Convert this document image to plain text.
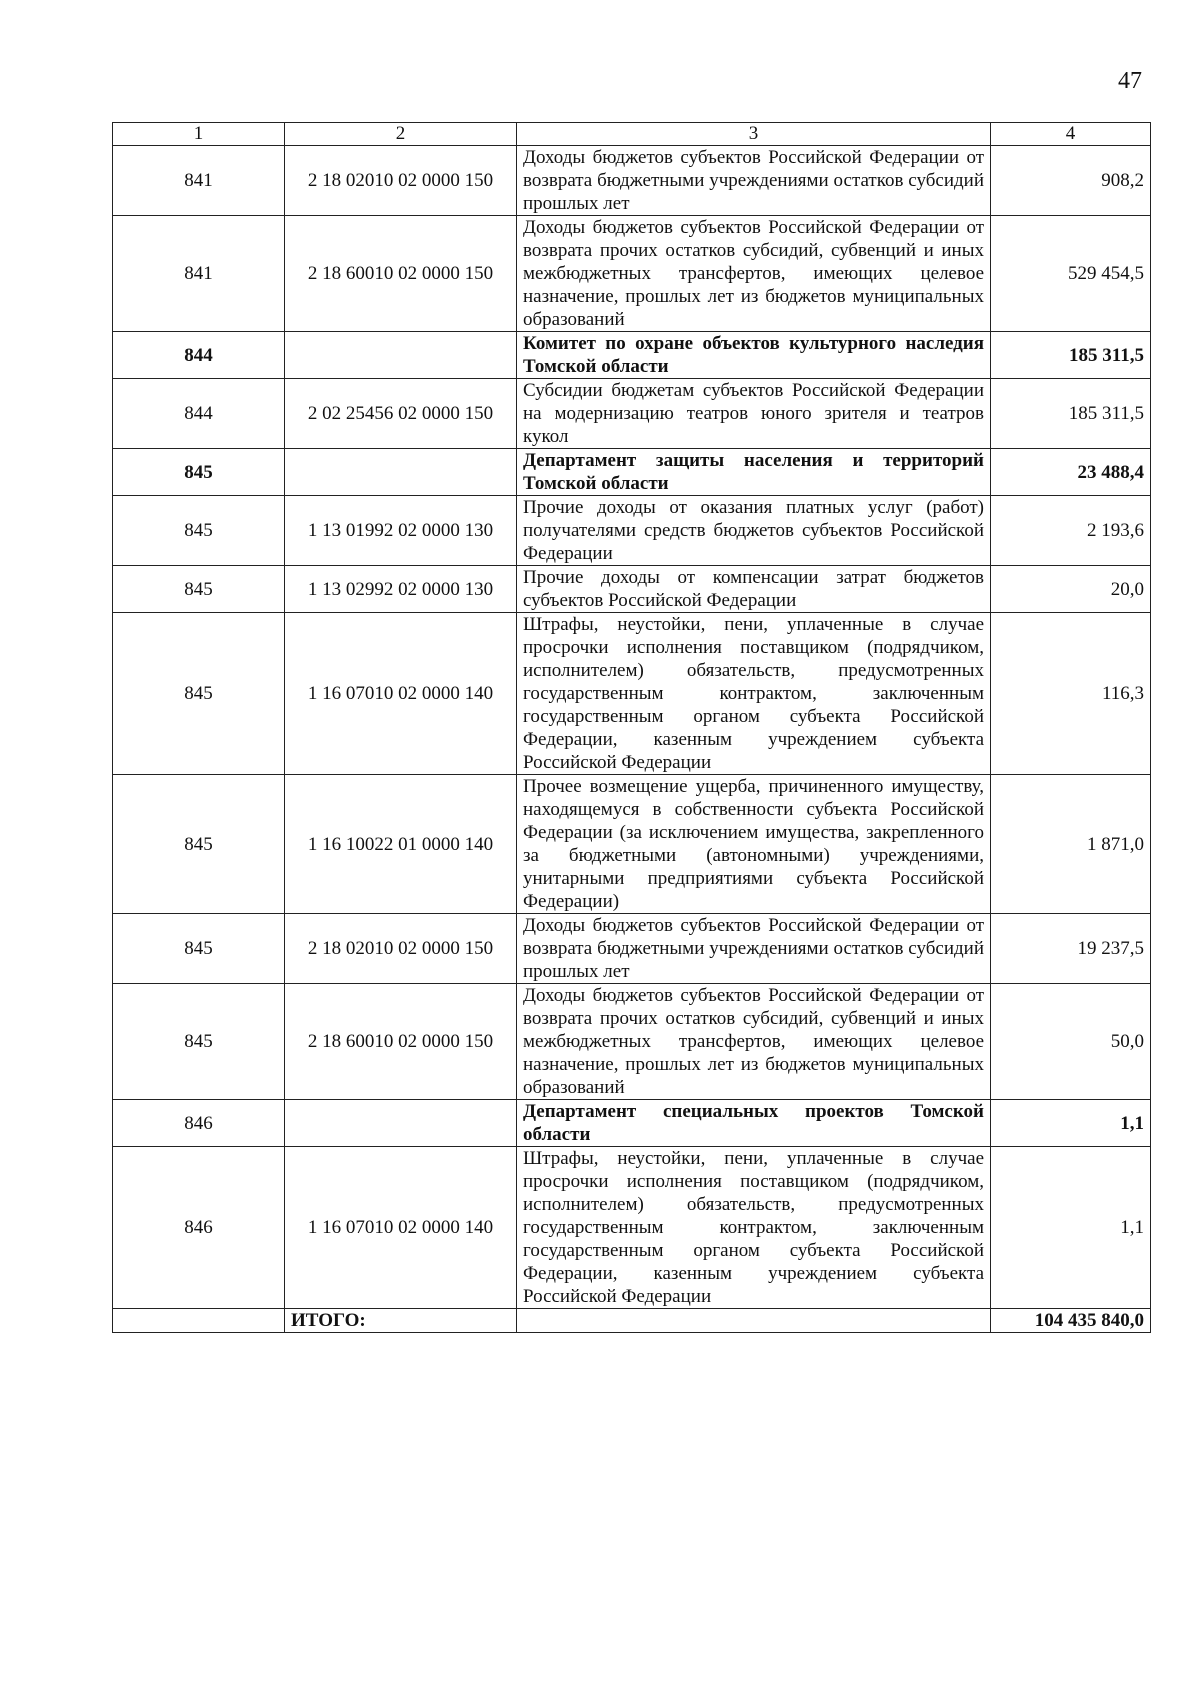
47
1	2	3	4
841	2 18 02010 02 0000 150	Доходы бюджетов субъектов Российской Федерации от возврата бюджетными учреждениями остатков субсидий прошлых лет	908,2
841	2 18 60010 02 0000 150	Доходы бюджетов субъектов Российской Федерации от возврата прочих остатков субсидий, субвенций и иных межбюджетных трансфертов, имеющих целевое назначение, прошлых лет из бюджетов муниципальных образований	529 454,5
844		Комитет по охране объектов культурного наследия Томской области	185 311,5
844	2 02 25456 02 0000 150	Субсидии бюджетам субъектов Российской Федерации на модернизацию театров юного зрителя и театров кукол	185 311,5
845		Департамент защиты населения и территорий Томской области	23 488,4
845	1 13 01992 02 0000 130	Прочие доходы от оказания платных услуг (работ) получателями средств бюджетов субъектов Российской Федерации	2 193,6
845	1 13 02992 02 0000 130	Прочие доходы от компенсации затрат бюджетов субъектов Российской Федерации	20,0
845	1 16 07010 02 0000 140	Штрафы, неустойки, пени, уплаченные в случае просрочки исполнения поставщиком (подрядчиком, исполнителем) обязательств, предусмотренных государственным контрактом, заключенным государственным органом субъекта Российской Федерации, казенным учреждением субъекта Российской Федерации	116,3
845	1 16 10022 01 0000 140	Прочее возмещение ущерба, причиненного имуществу, находящемуся в собственности субъекта Российской Федерации (за исключением имущества, закрепленного за бюджетными (автономными) учреждениями, унитарными предприятиями субъекта Российской Федерации)	1 871,0
845	2 18 02010 02 0000 150	Доходы бюджетов субъектов Российской Федерации от возврата бюджетными учреждениями остатков субсидий прошлых лет	19 237,5
845	2 18 60010 02 0000 150	Доходы бюджетов субъектов Российской Федерации от возврата прочих остатков субсидий, субвенций и иных межбюджетных трансфертов, имеющих целевое назначение, прошлых лет из бюджетов муниципальных образований	50,0
846		Департамент специальных проектов Томской области	1,1
846	1 16 07010 02 0000 140	Штрафы, неустойки, пени, уплаченные в случае просрочки исполнения поставщиком (подрядчиком, исполнителем) обязательств, предусмотренных государственным контрактом, заключенным государственным органом субъекта Российской Федерации, казенным учреждением субъекта Российской Федерации	1,1
	ИТОГО:		104 435 840,0
